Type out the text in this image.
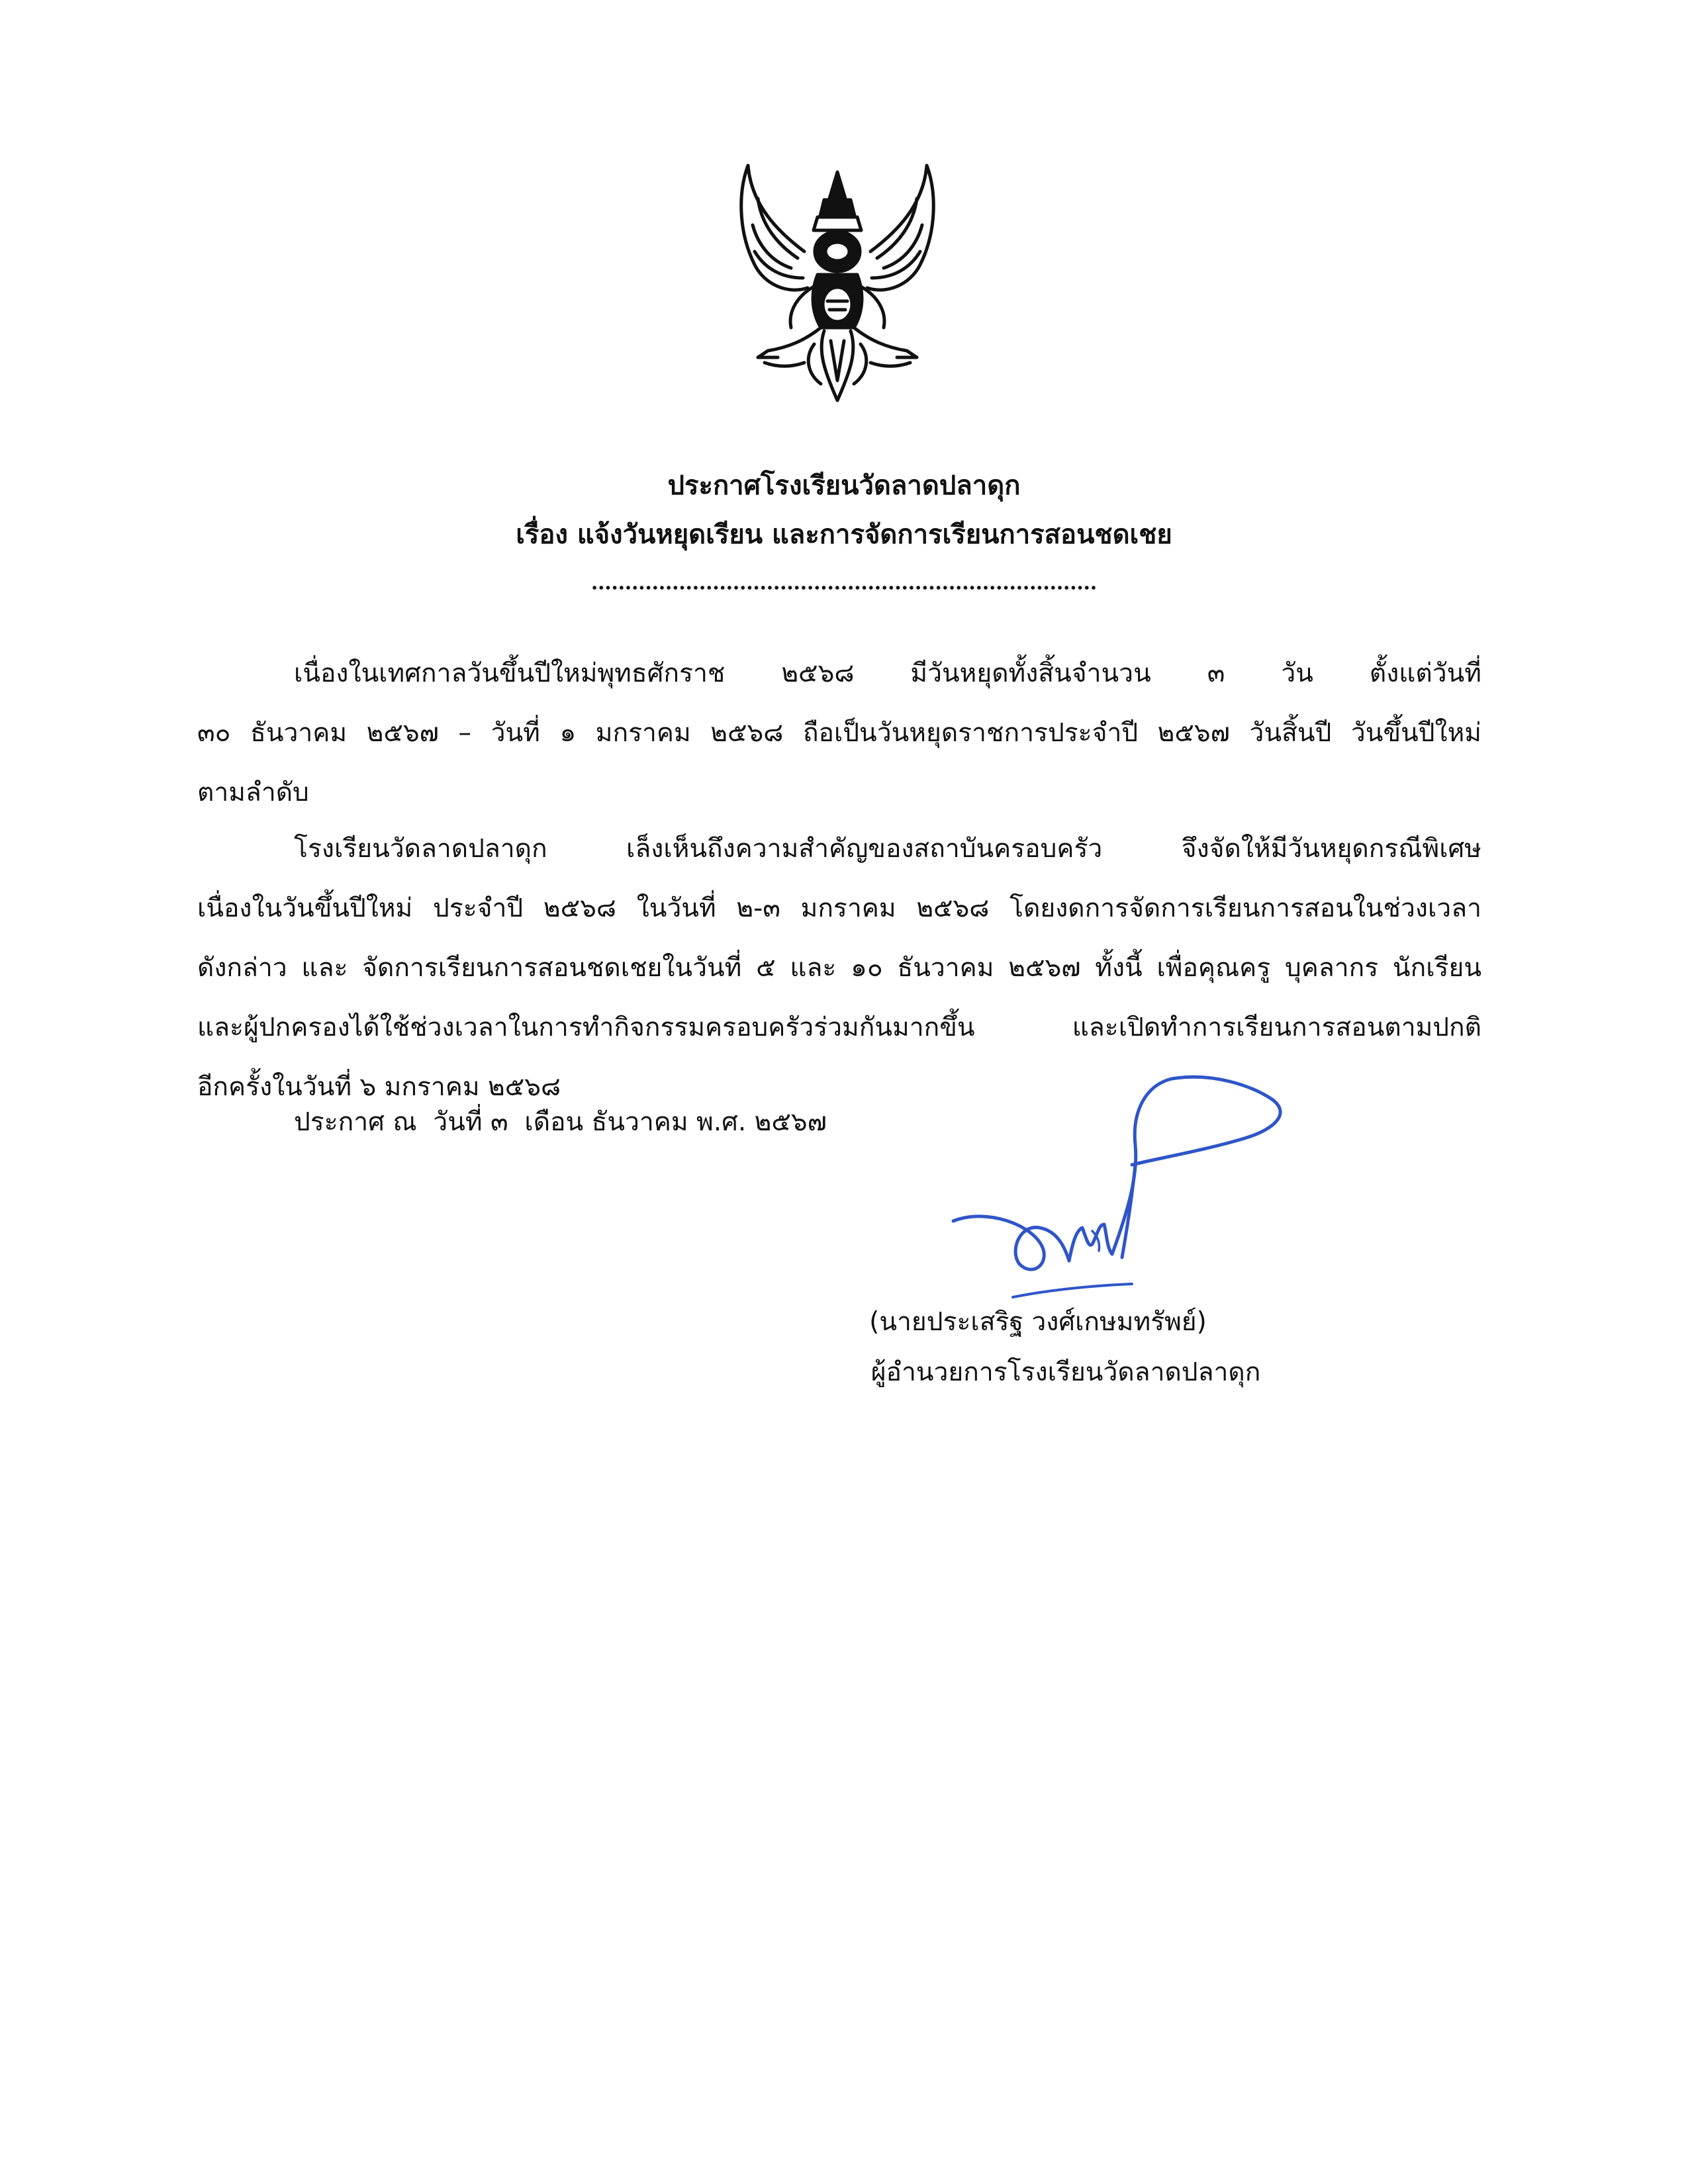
ประกาศโรงเรียนวัดลาดปลาดุก
เรื่อง แจ้งวันหยุดเรียน และการจัดการเรียนการสอนชดเชย
เนื่องในเทศกาลวันขึ้นปีใหม่พุทธศักราช ๒๕๖๘ มีวันหยุดทั้งสิ้นจำนวน ๓ วัน ตั้งแต่วันที่
๓๐ ธันวาคม ๒๕๖๗ – วันที่ ๑ มกราคม ๒๕๖๘ ถือเป็นวันหยุดราชการประจำปี ๒๕๖๗ วันสิ้นปี วันขึ้นปีใหม่
ตามลำดับ
โรงเรียนวัดลาดปลาดุก เล็งเห็นถึงความสำคัญของสถาบันครอบครัว จึงจัดให้มีวันหยุดกรณีพิเศษ
เนื่องในวันขึ้นปีใหม่ ประจำปี ๒๕๖๘ ในวันที่ ๒-๓ มกราคม ๒๕๖๘ โดยงดการจัดการเรียนการสอนในช่วงเวลา
ดังกล่าว และ จัดการเรียนการสอนชดเชยในวันที่ ๕ และ ๑๐ ธันวาคม ๒๕๖๗ ทั้งนี้ เพื่อคุณครู บุคลากร นักเรียน
และผู้ปกครองได้ใช้ช่วงเวลาในการทำกิจกรรมครอบครัวร่วมกันมากขึ้น และเปิดทำการเรียนการสอนตามปกติ
อีกครั้งในวันที่ ๖ มกราคม ๒๕๖๘
ประกาศ ณ  วันที่ ๓  เดือน ธันวาคม พ.ศ. ๒๕๖๗
(นายประเสริฐ วงศ์เกษมทรัพย์)
ผู้อำนวยการโรงเรียนวัดลาดปลาดุก
